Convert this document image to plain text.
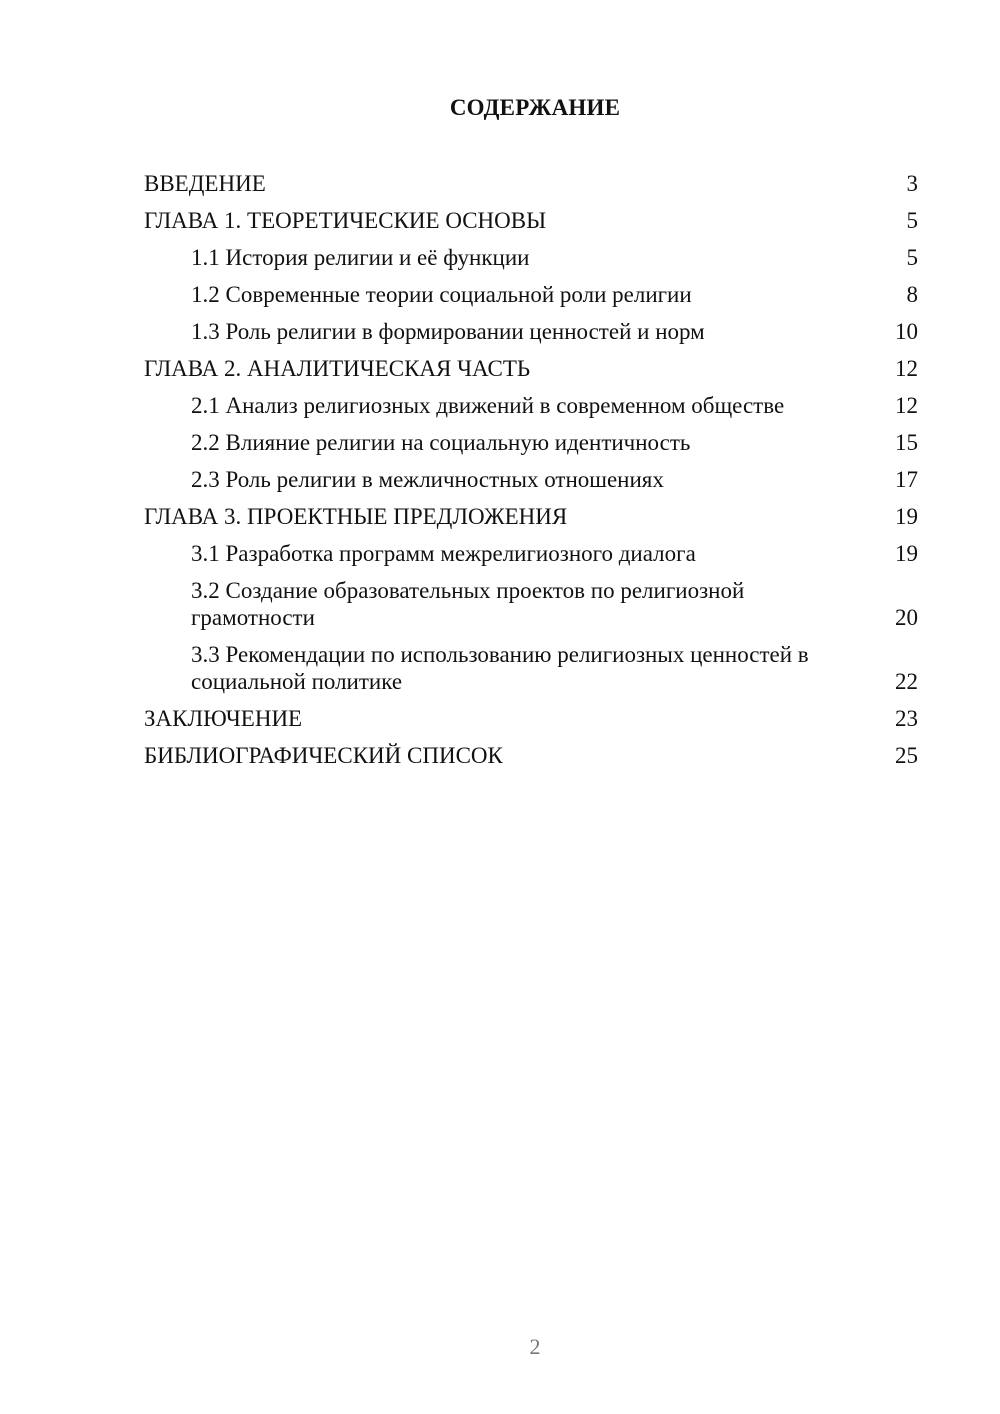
СОДЕРЖАНИЕ
ВВЕДЕНИЕ	3
ГЛАВА 1. ТЕОРЕТИЧЕСКИЕ ОСНОВЫ	5
1.1 История религии и её функции	5
1.2 Современные теории социальной роли религии	8
1.3 Роль религии в формировании ценностей и норм	10
ГЛАВА 2. АНАЛИТИЧЕСКАЯ ЧАСТЬ	12
2.1 Анализ религиозных движений в современном обществе	12
2.2 Влияние религии на социальную идентичность	15
2.3 Роль религии в межличностных отношениях	17
ГЛАВА 3. ПРОЕКТНЫЕ ПРЕДЛОЖЕНИЯ	19
3.1 Разработка программ межрелигиозного диалога	19
3.2 Создание образовательных проектов по религиозной грамотности	20
3.3 Рекомендации по использованию религиозных ценностей в социальной политике	22
ЗАКЛЮЧЕНИЕ	23
БИБЛИОГРАФИЧЕСКИЙ СПИСОК	25
2
